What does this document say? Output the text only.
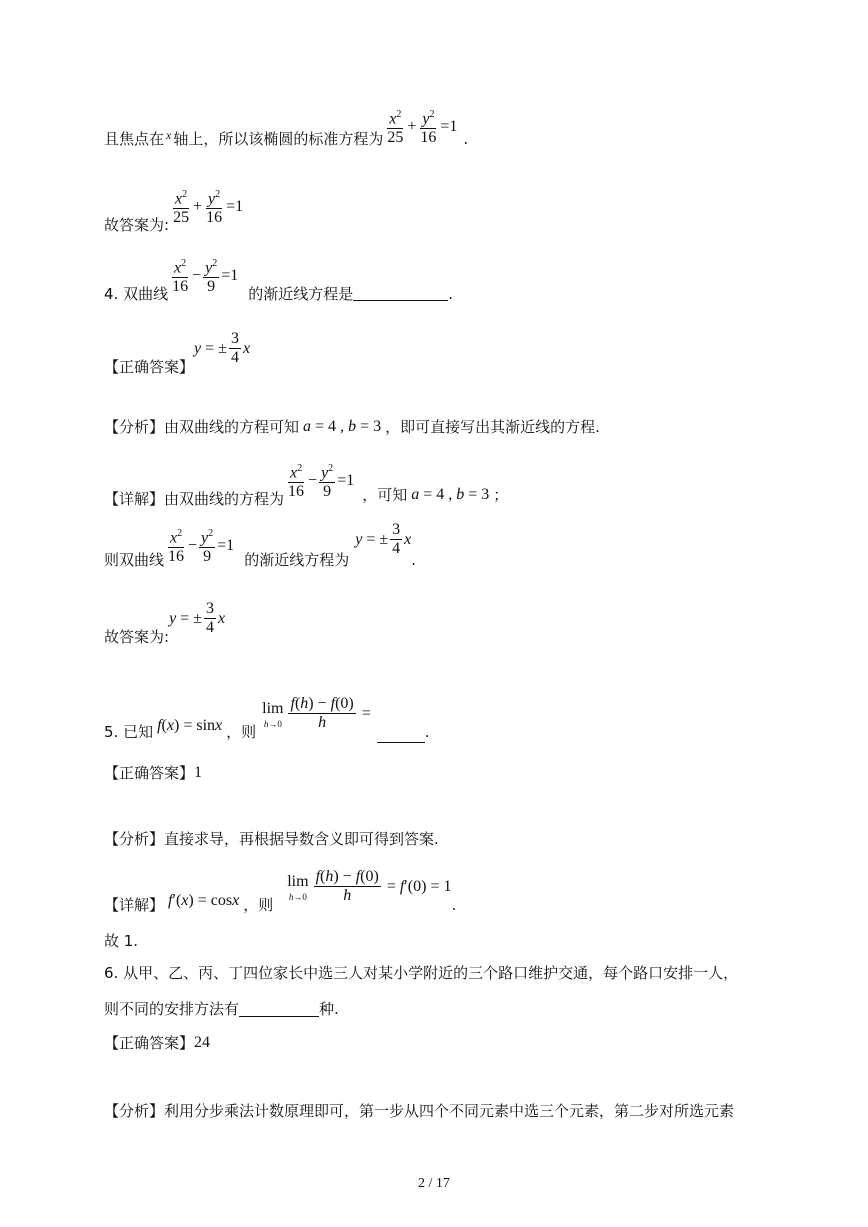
且焦点在 x 轴上，所以该椭圆的标准方程为 $\frac{x^2}{25} + \frac{y^2}{16} =1$
.
故答案为: $\frac{x^2}{25} + \frac{y^2}{16} =1$
4. 双曲线 $\frac{x^2}{16} - \frac{y^2}{9} =1$
的渐近线方程是	.
【正确答案】
y = ± $\frac{3}{4}$ x
【分析】 由双曲线的方程可知 a = 4 , b = 3 ，即可直接写出其渐近线的方程.
【详解】 由双曲线的方程为 $\frac{x^2}{16} - \frac{y^2}{9} =1$
，可知 a = 4 , b = 3 ；
则双曲线 $\frac{x^2}{16} - \frac{y^2}{9} =1$
的渐近线方程为
y = ± $\frac{3}{4}$ x
.
故答案为:
y = ± $\frac{3}{4}$ x
5. 已知 f(x) = sinx ，则
lim
$h\to 0 \frac{f(h) - f(0)}{h}$ =
.
【正确答案】 1
【分析】 直接求导，再根据导数含义即可得到答案.
【详解】 f′(x) = cosx ，则
lim
$h\to 0 \frac{f(h) - f(0)}{h} = f$ ′(0) = 1
.
故 1.
6. 从甲、乙、丙、丁四位家长中选三人对某小学附近的三个路口维护交通，每个路口安排一人，
则不同的安排方法有	种.
【正确答案】 24
【分析】 利用分步乘法计数原理即可，第一步从四个不同元素中选三个元素，第二步对所选元素
2 / 17
